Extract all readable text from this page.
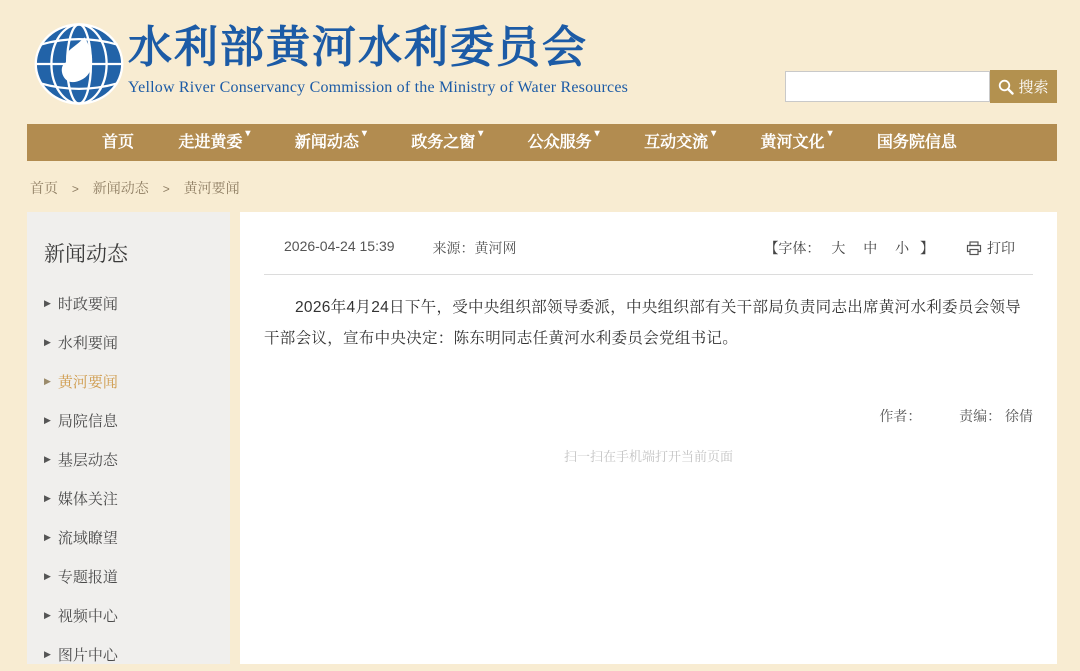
水利部黄河水利委员会
Yellow River Conservancy Commission of the Ministry of Water Resources	搜索
首页	走进黄委
▾
新闻动态
▾
政务之窗
▾
公众服务
▾
互动交流
▾
黄河文化
▾
国务院信息
首页 > 新闻动态 > 黄河要闻
新闻动态
▶ 时政要闻
▶ 水利要闻
▶ 黄河要闻
▶ 局院信息
▶ 基层动态
▶ 媒体关注
▶ 流域瞭望
▶ 专题报道
▶ 视频中心
▶ 图片中心
2026-04-24 15:39	来源：黄河网	【字体： 大 中 小 】	打印

2026年4月24日下午，受中央组织部领导委派，中央组织部有关干部局负责同志出席黄河水利委员会领导干部会议，宣布中央决定：陈东明同志任黄河水利委员会党组书记。

作者：	责编： 徐倩
扫一扫在手机端打开当前页面
